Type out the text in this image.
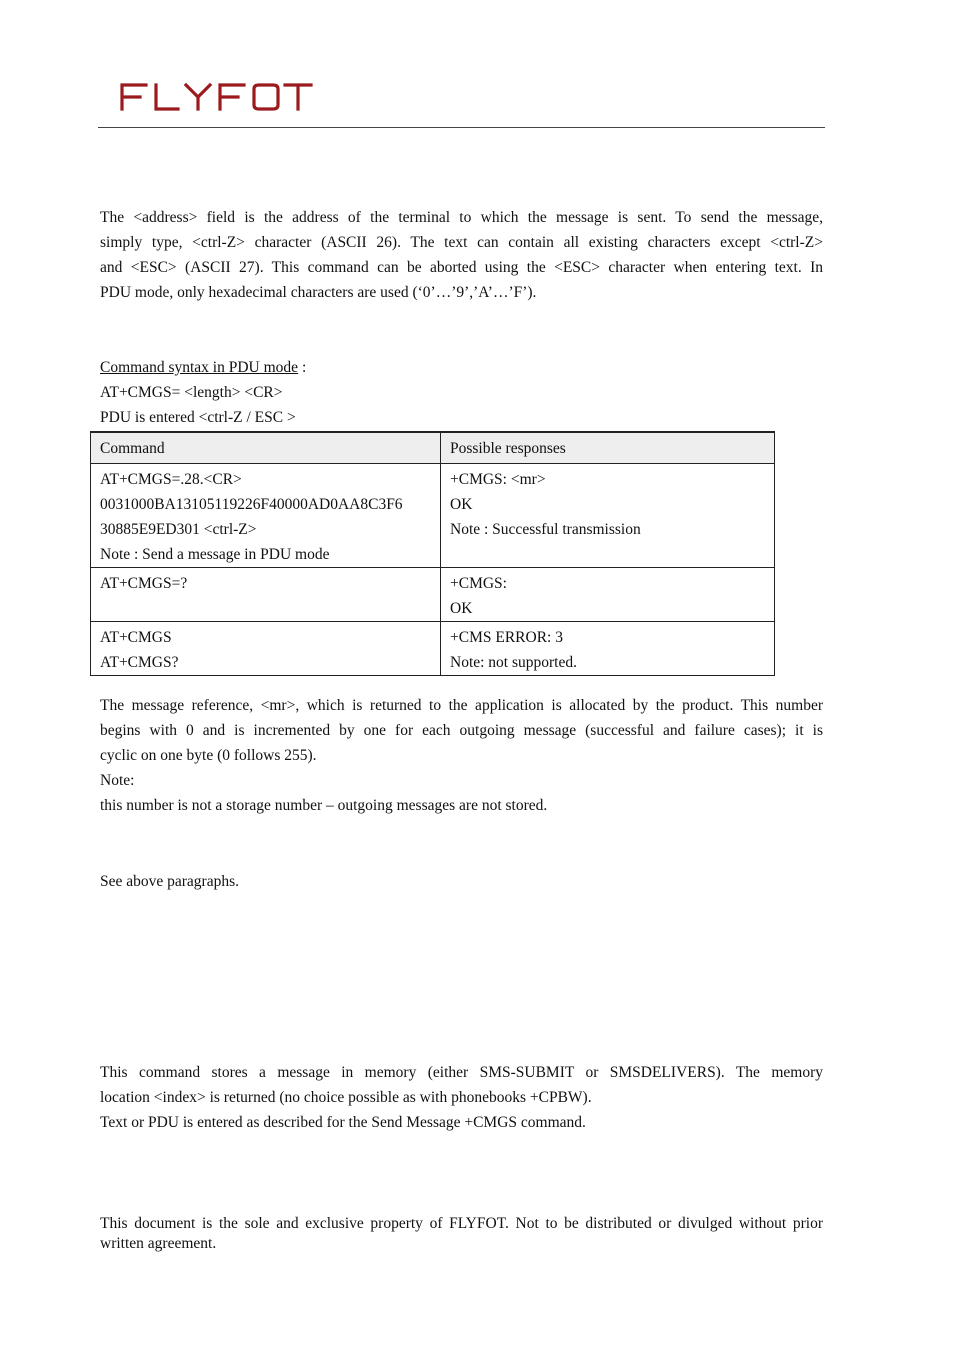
The <address> field is the address of the terminal to which the message is sent. To send the message,
simply type, <ctrl-Z> character (ASCII 26). The text can contain all existing characters except <ctrl-Z>
and <ESC> (ASCII 27). This command can be aborted using the <ESC> character when entering text. In
PDU mode, only hexadecimal characters are used (‘0’…’9’,’A’…’F’).
Command syntax in PDU mode :
AT+CMGS= <length> <CR>
PDU is entered <ctrl-Z / ESC >
Command	Possible responses

AT+CMGS=.28.<CR>
0031000BA13105119226F40000AD0AA8C3F6
30885E9ED301 <ctrl-Z>
Note : Send a message in PDU mode	+CMGS: <mr>
OK
Note : Successful transmission

AT+CMGS=?	+CMGS:
OK

AT+CMGS
AT+CMGS?	+CMS ERROR: 3
Note: not supported.
The message reference, <mr>, which is returned to the application is allocated by the product. This number
begins with 0 and is incremented by one for each outgoing message (successful and failure cases); it is
cyclic on one byte (0 follows 255).
Note:
this number is not a storage number – outgoing messages are not stored.
See above paragraphs.
This command stores a message in memory (either SMS-SUBMIT or SMSDELIVERS). The memory
location <index> is returned (no choice possible as with phonebooks +CPBW).
Text or PDU is entered as described for the Send Message +CMGS command.

This document is the sole and exclusive property of FLYFOT. Not to be distributed or divulged without prior written agreement.
